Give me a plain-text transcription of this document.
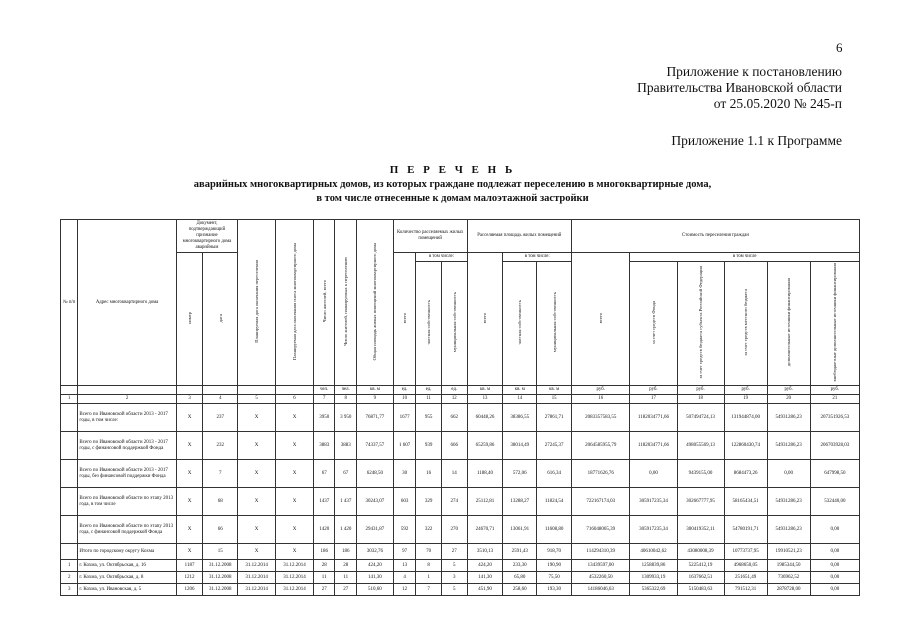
6
Приложение к постановлению
Правительства Ивановской области
от 25.05.2020 № 245-п
Приложение 1.1 к Программе
П Е Р Е Ч Е Н Ь
аварийных многоквартирных домов, из которых граждане подлежат переселению в многоквартирные дома,
в том числе отнесенные к домам малоэтажной застройки
№ п/п	Адрес многоквартирного дома	Документ, подтверждающий признание многоквартирного дома аварийным		Планируемая дата окончания переселения	Планируемая дата окончания сноса многоквартирного дома	Число жителей, всего	Число жителей, планируемых к переселению	Общая площадь жилых помещений многоквартирного дома	Количество расселяемых жилых помещений			Расселяемая площадь жилых помещений			Стоимость переселения граждан					
		номер	дата						всего	в том числе:		всего	в том числе:		всего	в том числе				
										частная собственность	муниципальная собственность		частная собственность	муниципальная собственность		за счет средств Фонда	за счет средств бюджета субъекта Российской Федерации	за счет средств местного бюджета	дополнительные источники финансирования	внебюджетные дополнительные источники финансирования
						чел.	чел.	кв. м	ед.	ед.	ед.	кв. м	кв. м	кв. м	руб.	руб.	руб.	руб.	руб.	руб.
1	2	3	4	5	6	7	8	9	10	11	12	13	14	15	16	17	18	19	20	21
	Всего по Ивановской области 2013 - 2017 годы, в том числе:	Х	237	Х	Х	3950	3 950	76871,77	1677	955	662	60448,26	38386,55	27861,71	2083357583,55	1182034771,66	507494724,13	131944874,00	54931286,23	207351926,53
	Всего по Ивановской области 2013 - 2017 годы, с финансовой поддержкой Фонда	Х	232	Х	Х	3883	3883	74337,57	1 607	939	666	65259,86	38014,49	27245,37	2064585955,79	1182034771,66	498055569,13	122860430,74	54931286,23	206703928,03
	Всего по Ивановской области 2013 - 2017 годы, без финансовой поддержки Фонда	Х	7	Х	Х	67	67	6248,50	30	16	14	1188,40	572,06	616,34	18771626,76	0,00	9439155,00	8684473,26	0,00	647998,50
	Всего по Ивановской области по этапу 2013 года, в том числе	Х	68	Х	Х	1437	1 437	30243,07	603	329	274	25112,81	13288,27	11824,54	722167174,03	305917235,34	302667777,95	58165434,51	54931286,23	532440,00
	Всего по Ивановской области по этапу 2013 года, с финансовой поддержкой Фонда	Х	66	Х	Х	1420	1 420	29431,87	592	322	270	24670,71	13061,91	11608,80	716048065,39	305917235,34	300419352,11	54780191,71	54931286,23	0,00
	Итого по городскому округу Кохма	Х	15	Х	Х	186	186	3032,76	97	70	27	3510,13	2591,43	918,70	114294310,39	40610042,62	43080008,39	10773737,95	19910521,23	0,00
1	г. Кохма, ул. Октябрьская, д. 16	1187	31.12.2008	31.12.2014	31.12.2014	28	28	424,20	13	8	5	424,20	233,30	190,90	13439597,00	1258839,86	5225412,19	4968650,05	1985344,50	0,00
2	г. Кохма, ул. Октябрьская, д. 8	1212	31.12.2008	31.12.2014	31.12.2014	11	11	141,30	4	1	3	141,30	65,80	75,50	4532260,50	1309933,19	1637662,51	251651,49	736962,52	0,00
3	г. Кохма, ул. Ивановская, д. 5	1206	31.12.2008	31.12.2014	31.12.2014	27	27	510,60	12	7	5	451,90	258,60	193,30	14186046,63	5365322,69	5150483,63	791512,31	2878728,00	0,00
